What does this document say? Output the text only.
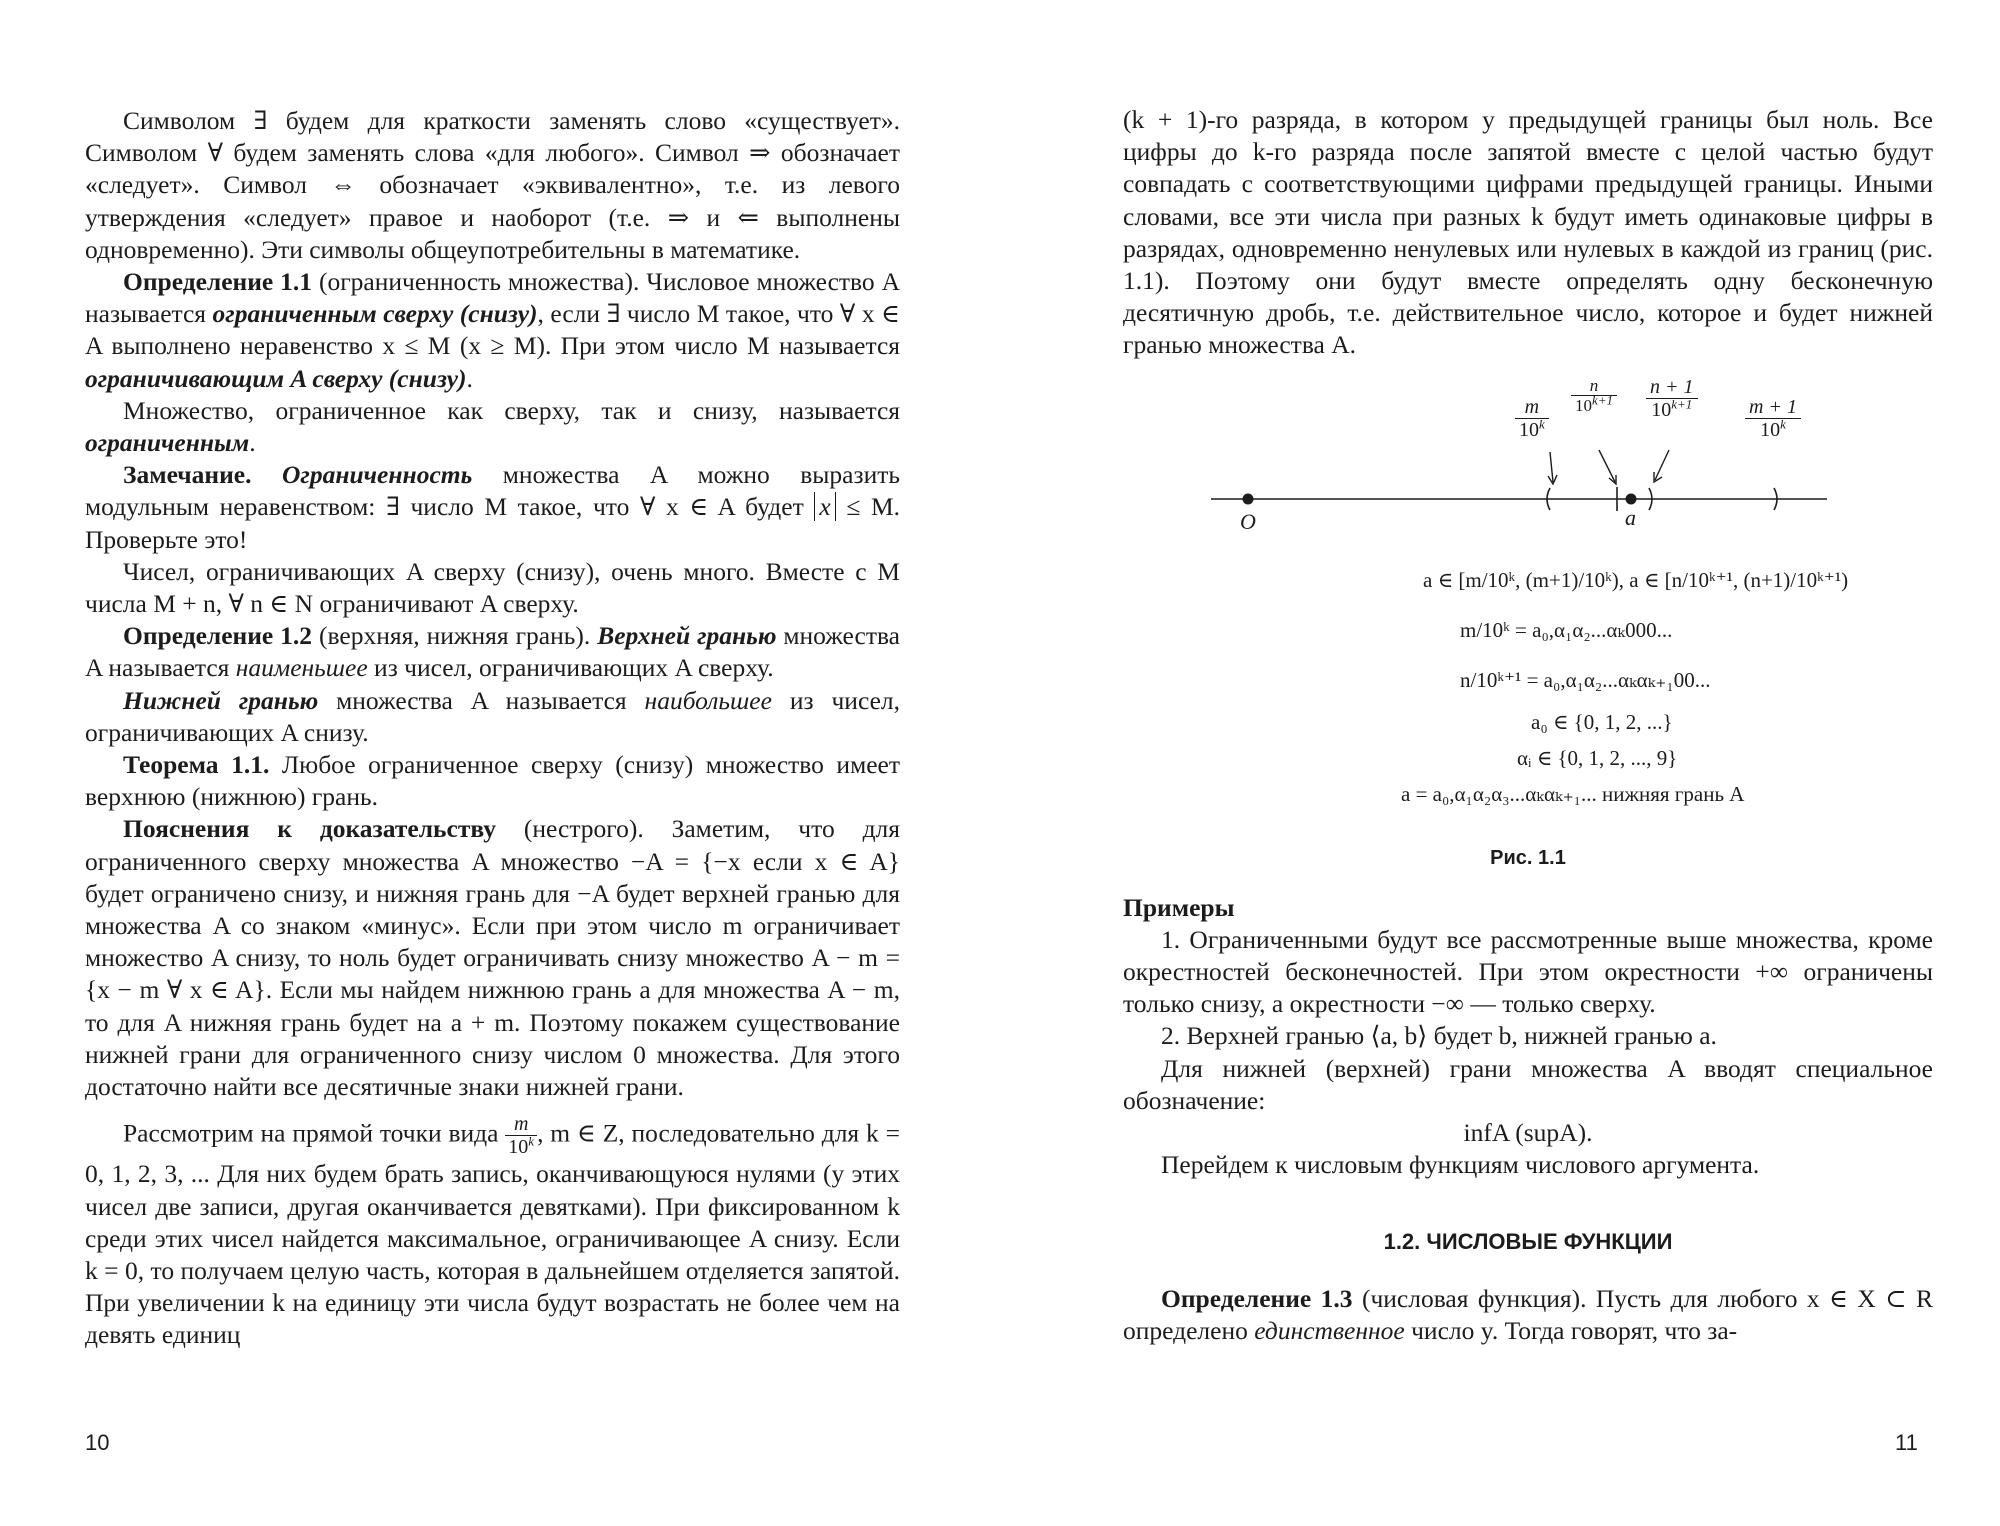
Символом ∃ будем для краткости заменять слово «существует». Символом ∀ будем заменять слова «для любого». Символ ⇒ обозначает «следует». Символ ⇔ обозначает «эквивалентно», т.е. из левого утверждения «следует» правое и наоборот (т.е. ⇒ и ⇐ выполнены одновременно). Эти символы общеупотребительны в математике.

Определение 1.1 (ограниченность множества). Числовое множество A называется ограниченным сверху (снизу), если ∃ число M такое, что ∀ x ∈ A выполнено неравенство x ≤ M (x ≥ M). При этом число M называется ограничивающим A сверху (снизу).

Множество, ограниченное как сверху, так и снизу, называется ограниченным.

Замечание. Ограниченность множества A можно выразить модульным неравенством: ∃ число M такое, что ∀ x ∈ A будет x ≤ M. Проверьте это!

Чисел, ограничивающих A сверху (снизу), очень много. Вместе с M числа M + n, ∀ n ∈ N ограничивают A сверху.

Определение 1.2 (верхняя, нижняя грань). Верхней гранью множества A называется наименьшее из чисел, ограничивающих A сверху.

Нижней гранью множества A называется наибольшее из чисел, ограничивающих A снизу.

Теорема 1.1. Любое ограниченное сверху (снизу) множество имеет верхнюю (нижнюю) грань.

Пояснения к доказательству (нестрого). Заметим, что для ограниченного сверху множества A множество −A = {−x если x ∈ A} будет ограничено снизу, и нижняя грань для −A будет верхней гранью для множества A со знаком «минус». Если при этом число m ограничивает множество A снизу, то ноль будет ограничивать снизу множество A − m = {x − m ∀ x ∈ A}. Если мы найдем нижнюю грань a для множества A − m, то для A нижняя грань будет на a + m. Поэтому покажем существование нижней грани для ограниченного снизу числом 0 множества. Для этого достаточно найти все десятичные знаки нижней грани.

Рассмотрим на прямой точки вида $\frac{m}{10^k}$ , m ∈ Z, последовательно для k = 0, 1, 2, 3, ... Для них будем брать запись, оканчивающуюся нулями (у этих чисел две записи, другая оканчивается девятками). При фиксированном k среди этих чисел найдется максимальное, ограничивающее A снизу. Если k = 0, то получаем целую часть, которая в дальнейшем отделяется запятой. При увеличении k на единицу эти числа будут возрастать не более чем на девять единиц

10

(k + 1)-го разряда, в котором у предыдущей границы был ноль. Все цифры до k-го разряда после запятой вместе с целой частью будут совпадать с соответствующими цифрами предыдущей границы. Иными словами, все эти числа при разных k будут иметь одинаковые цифры в разрядах, одновременно ненулевых или нулевых в каждой из границ (рис. 1.1). Поэтому они будут вместе определять одну бесконечную десятичную дробь, т.е. действительное число, которое и будет нижней гранью множества A.

O	a
$\frac{m}{10^k}$
$\frac{n}{10^{k+1}} \frac{n + 1}{10^{k+1}} \frac{m + 1}{10^k}$
a ∈ [m/10ᵏ, (m+1)/10ᵏ), a ∈ [n/10ᵏ⁺¹, (n+1)/10ᵏ⁺¹)
m/10ᵏ = a₀,α₁α₂...αₖ000...
n/10ᵏ⁺¹ = a₀,α₁α₂...αₖαₖ₊₁00...
a₀ ∈ {0, 1, 2, ...}
αᵢ ∈ {0, 1, 2, ..., 9}
a = a₀,α₁α₂α₃...αₖαₖ₊₁... нижняя грань A
Рис. 1.1

Примеры

1. Ограниченными будут все рассмотренные выше множества, кроме окрестностей бесконечностей. При этом окрестности +∞ ограничены только снизу, а окрестности −∞ — только сверху.

2. Верхней гранью ⟨a, b⟩ будет b, нижней гранью a.

Для нижней (верхней) грани множества A вводят специальное обозначение:

infA (supA).

Перейдем к числовым функциям числового аргумента.

1.2. ЧИСЛОВЫЕ ФУНКЦИИ

Определение 1.3 (числовая функция). Пусть для любого x ∈ X ⊂ R определено единственное число y. Тогда говорят, что за-

11
